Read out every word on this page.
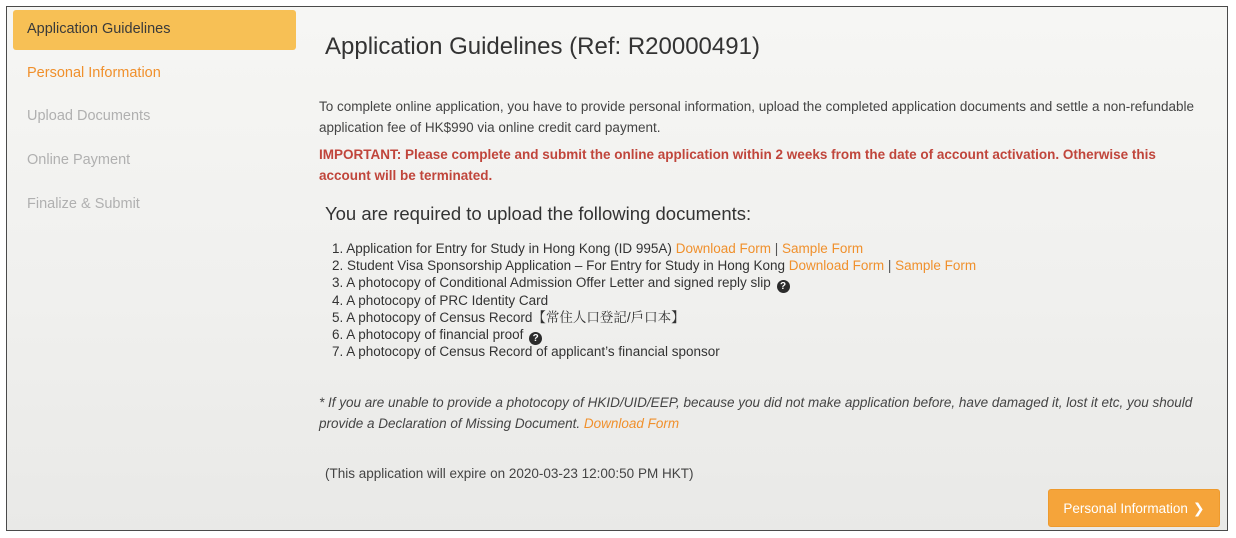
Application Guidelines
Personal Information
Upload Documents
Online Payment
Finalize & Submit
Application Guidelines (Ref: R20000491)
To complete online application, you have to provide personal information, upload the completed application documents and settle a non-refundable application fee of HK$990 via online credit card payment.
IMPORTANT: Please complete and submit the online application within 2 weeks from the date of account activation. Otherwise this account will be terminated.
You are required to upload the following documents:
1. Application for Entry for Study in Hong Kong (ID 995A) Download Form | Sample Form
2. Student Visa Sponsorship Application – For Entry for Study in Hong Kong Download Form | Sample Form
3. A photocopy of Conditional Admission Offer Letter and signed reply slip ?
4. A photocopy of PRC Identity Card
5. A photocopy of Census Record【常住人口登記/戶口本】
6. A photocopy of financial proof ?
7. A photocopy of Census Record of applicant’s financial sponsor
* If you are unable to provide a photocopy of HKID/UID/EEP, because you did not make application before, have damaged it, lost it etc, you should provide a Declaration of Missing Document. Download Form
(This application will expire on 2020-03-23 12:00:50 PM HKT)
Personal Information ❯
